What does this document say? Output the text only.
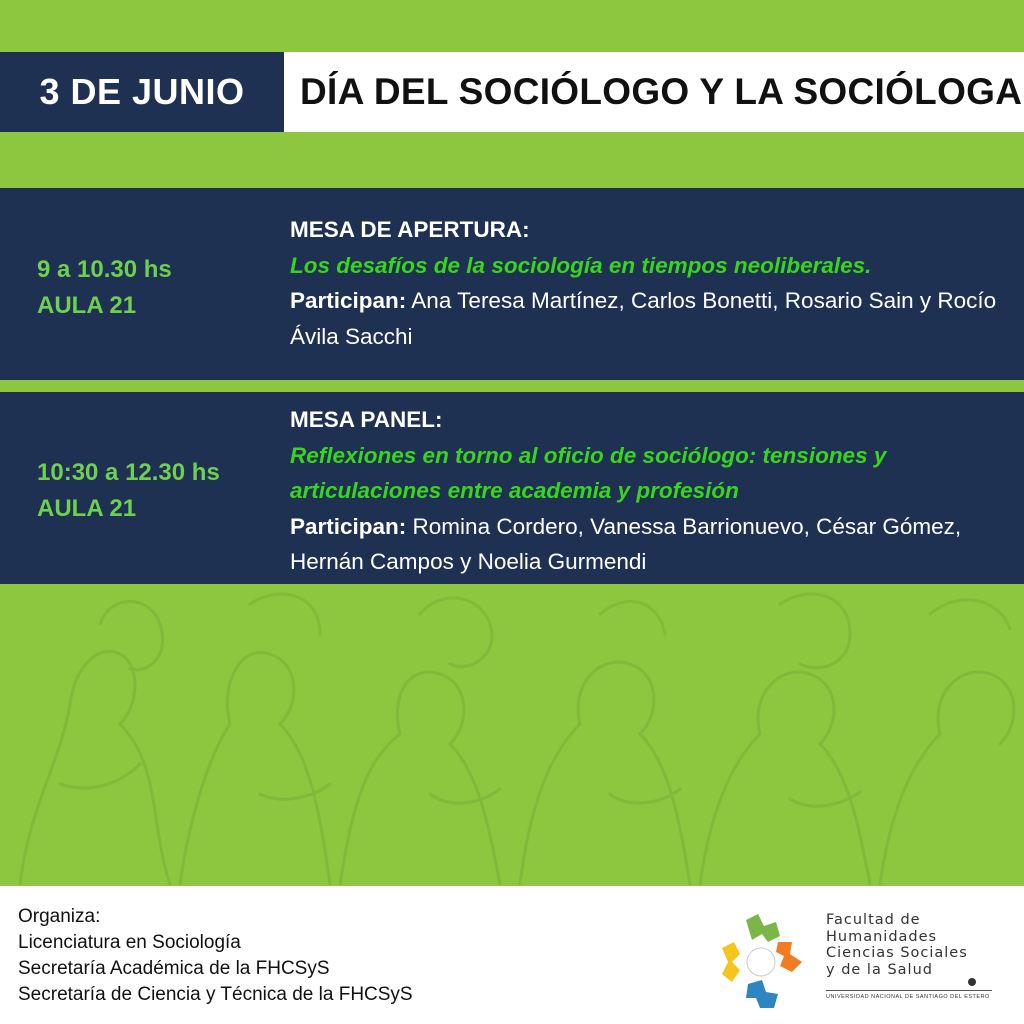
3 DE JUNIO DÍA DEL SOCIÓLOGO Y LA SOCIÓLOGA
9 a 10.30 hs
AULA 21
MESA DE APERTURA:
Los desafíos de la sociología en tiempos neoliberales.
Participan: Ana Teresa Martínez, Carlos Bonetti, Rosario Sain y Rocío Ávila Sacchi
10:30 a 12.30 hs
AULA 21
MESA PANEL:
Reflexiones en torno al oficio de sociólogo: tensiones y articulaciones entre academia y profesión
Participan: Romina Cordero, Vanessa Barrionuevo, César Gómez, Hernán Campos y Noelia Gurmendi
Organiza:
Licenciatura en Sociología
Secretaría Académica de la FHCSyS
Secretaría de Ciencia y Técnica de la FHCSyS
Facultad de
Humanidades
Ciencias Sociales
y de la Salud
UNIVERSIDAD NACIONAL DE SANTIAGO DEL ESTERO
